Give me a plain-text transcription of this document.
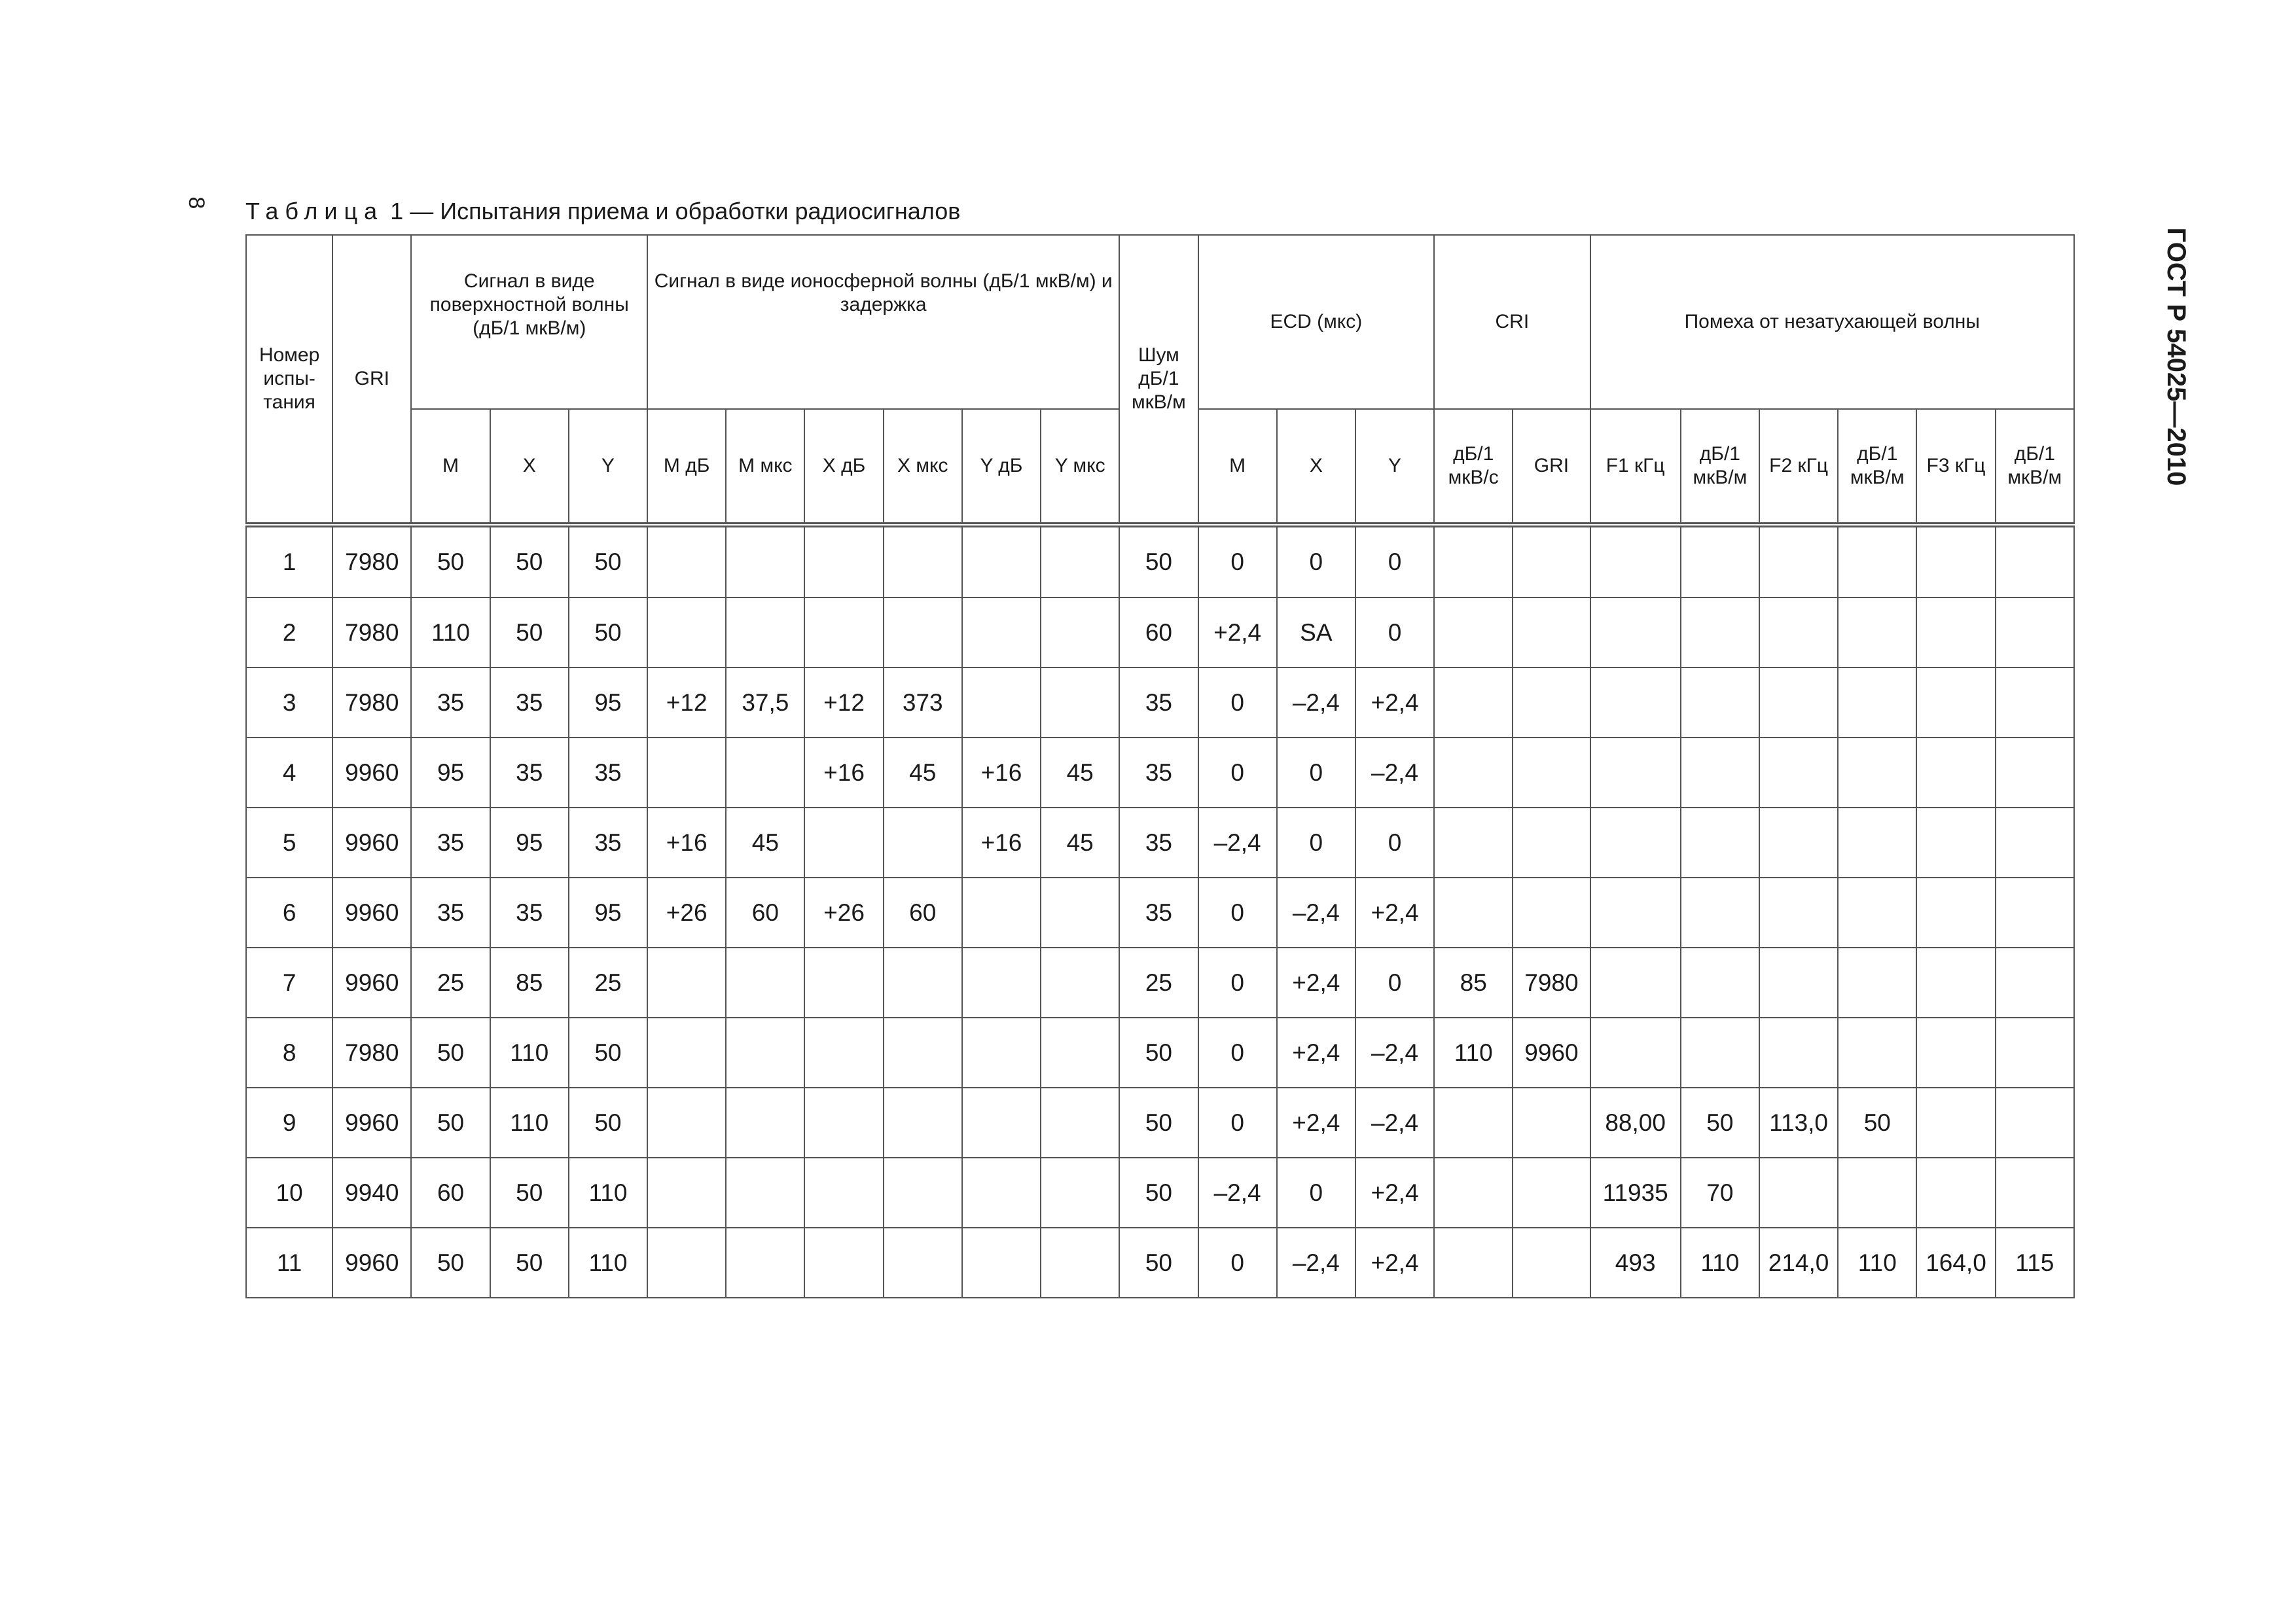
8
ГОСТ Р 54025—2010
Таблица 1 — Испытания приема и обработки радиосигналов
Номер испы-тания	GRI	Сигнал в виде поверхностной волны (дБ/1 мкВ/м)			Сигнал в виде ионосферной волны (дБ/1 мкВ/м) и задержка						Шум дБ/1 мкВ/м	ECD (мкс)			CRI		Помеха от незатухающей волны					
		M	X	Y	M дБ	M мкс	X дБ	X мкс	Y дБ	Y мкс		M	X	Y	дБ/1 мкВ/с	GRI	F1 кГц	дБ/1 мкВ/м	F2 кГц	дБ/1 мкВ/м	F3 кГц	дБ/1 мкВ/м
1	7980	50	50	50							50	0	0	0								
2	7980	110	50	50							60	+2,4	SA	0								
3	7980	35	35	95	+12	37,5	+12	373			35	0	–2,4	+2,4								
4	9960	95	35	35			+16	45	+16	45	35	0	0	–2,4								
5	9960	35	95	35	+16	45			+16	45	35	–2,4	0	0								
6	9960	35	35	95	+26	60	+26	60			35	0	–2,4	+2,4								
7	9960	25	85	25							25	0	+2,4	0	85	7980						
8	7980	50	110	50							50	0	+2,4	–2,4	110	9960						
9	9960	50	110	50							50	0	+2,4	–2,4			88,00	50	113,0	50		
10	9940	60	50	110							50	–2,4	0	+2,4			11935	70				
11	9960	50	50	110							50	0	–2,4	+2,4			493	110	214,0	110	164,0	115
